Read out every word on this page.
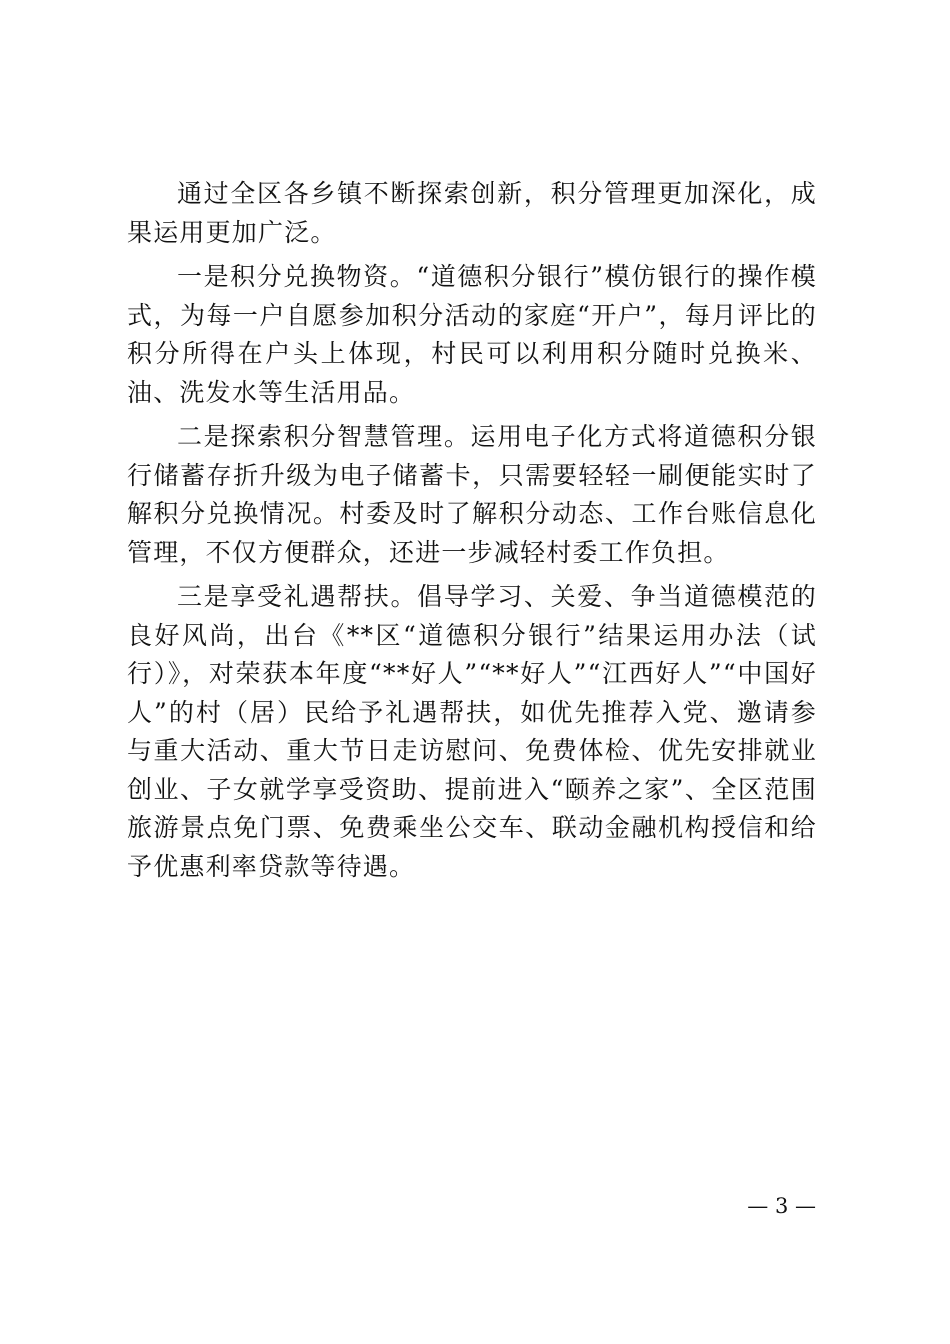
通过全区各乡镇不断探索创新，积分管理更加深化，成果运用更加广泛。

一是积分兑换物资。“道德积分银行”模仿银行的操作模式，为每一户自愿参加积分活动的家庭“开户”，每月评比的积分所得在户头上体现，村民可以利用积分随时兑换米、油、洗发水等生活用品。

二是探索积分智慧管理。运用电子化方式将道德积分银行储蓄存折升级为电子储蓄卡，只需要轻轻一刷便能实时了解积分兑换情况。村委及时了解积分动态、工作台账信息化管理，不仅方便群众，还进一步减轻村委工作负担。

三是享受礼遇帮扶。倡导学习、关爱、争当道德模范的良好风尚，出台《**区“道德积分银行”结果运用办法（试行）》，对荣获本年度“**好人”“**好人”“江西好人”“中国好人”的村（居）民给予礼遇帮扶，如优先推荐入党、邀请参与重大活动、重大节日走访慰问、免费体检、优先安排就业创业、子女就学享受资助、提前进入“颐养之家”、全区范围旅游景点免门票、免费乘坐公交车、联动金融机构授信和给予优惠利率贷款等待遇。

— 3 —
